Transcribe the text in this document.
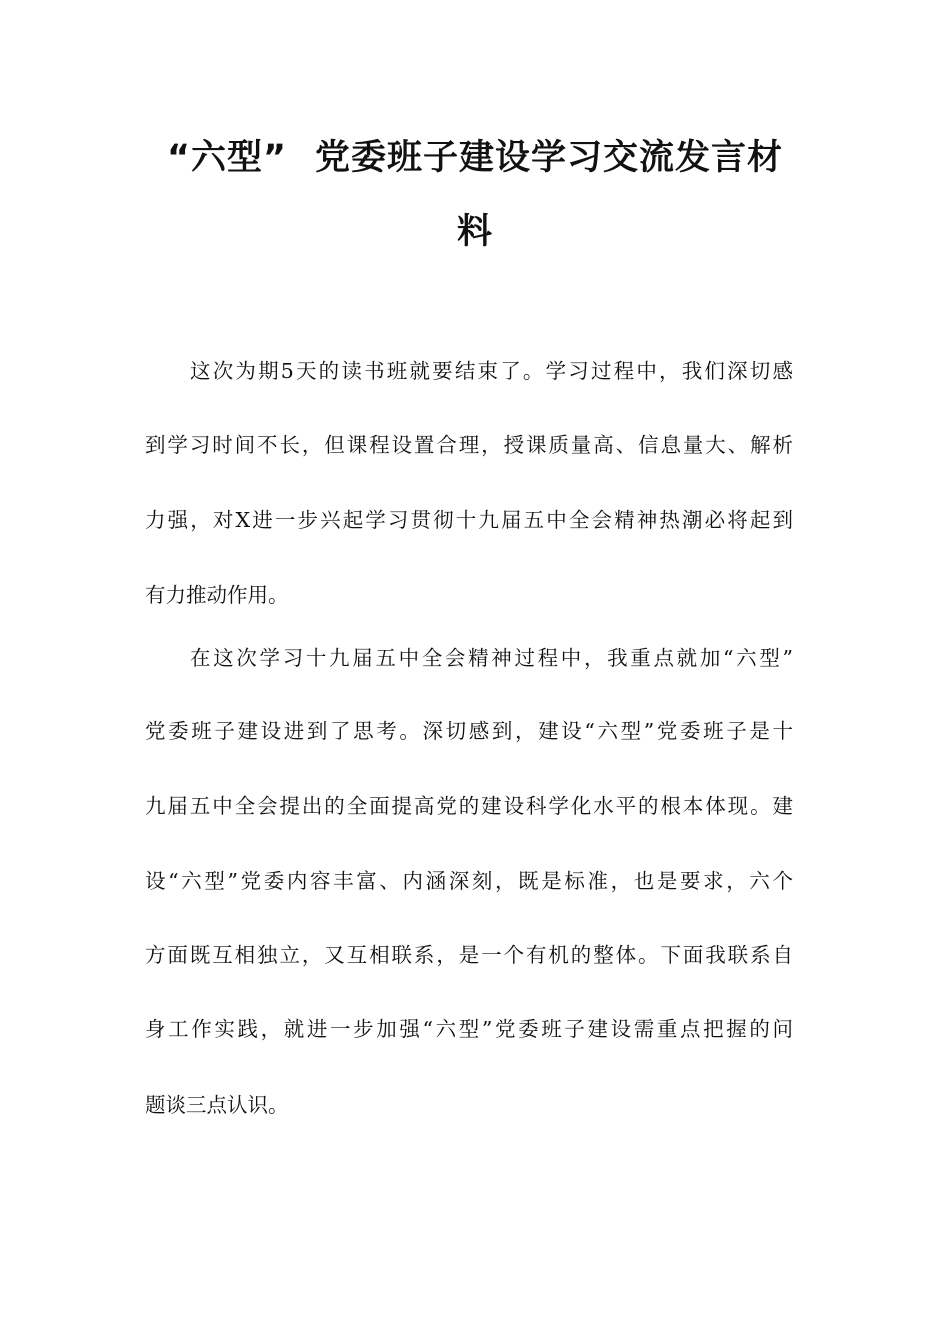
“六型” 党委班子建设学习交流发言材
料
这次为期5天的读书班就要结束了。学习过程中，我们深切感
到学习时间不长，但课程设置合理，授课质量高、信息量大、解析
力强，对X进一步兴起学习贯彻十九届五中全会精神热潮必将起到
有力推动作用。
在这次学习十九届五中全会精神过程中，我重点就加“六型”
党委班子建设进到了思考。深切感到，建设“六型”党委班子是十
九届五中全会提出的全面提高党的建设科学化水平的根本体现。建
设“六型”党委内容丰富、内涵深刻，既是标准，也是要求，六个
方面既互相独立，又互相联系，是一个有机的整体。下面我联系自
身工作实践，就进一步加强“六型”党委班子建设需重点把握的问
题谈三点认识。
